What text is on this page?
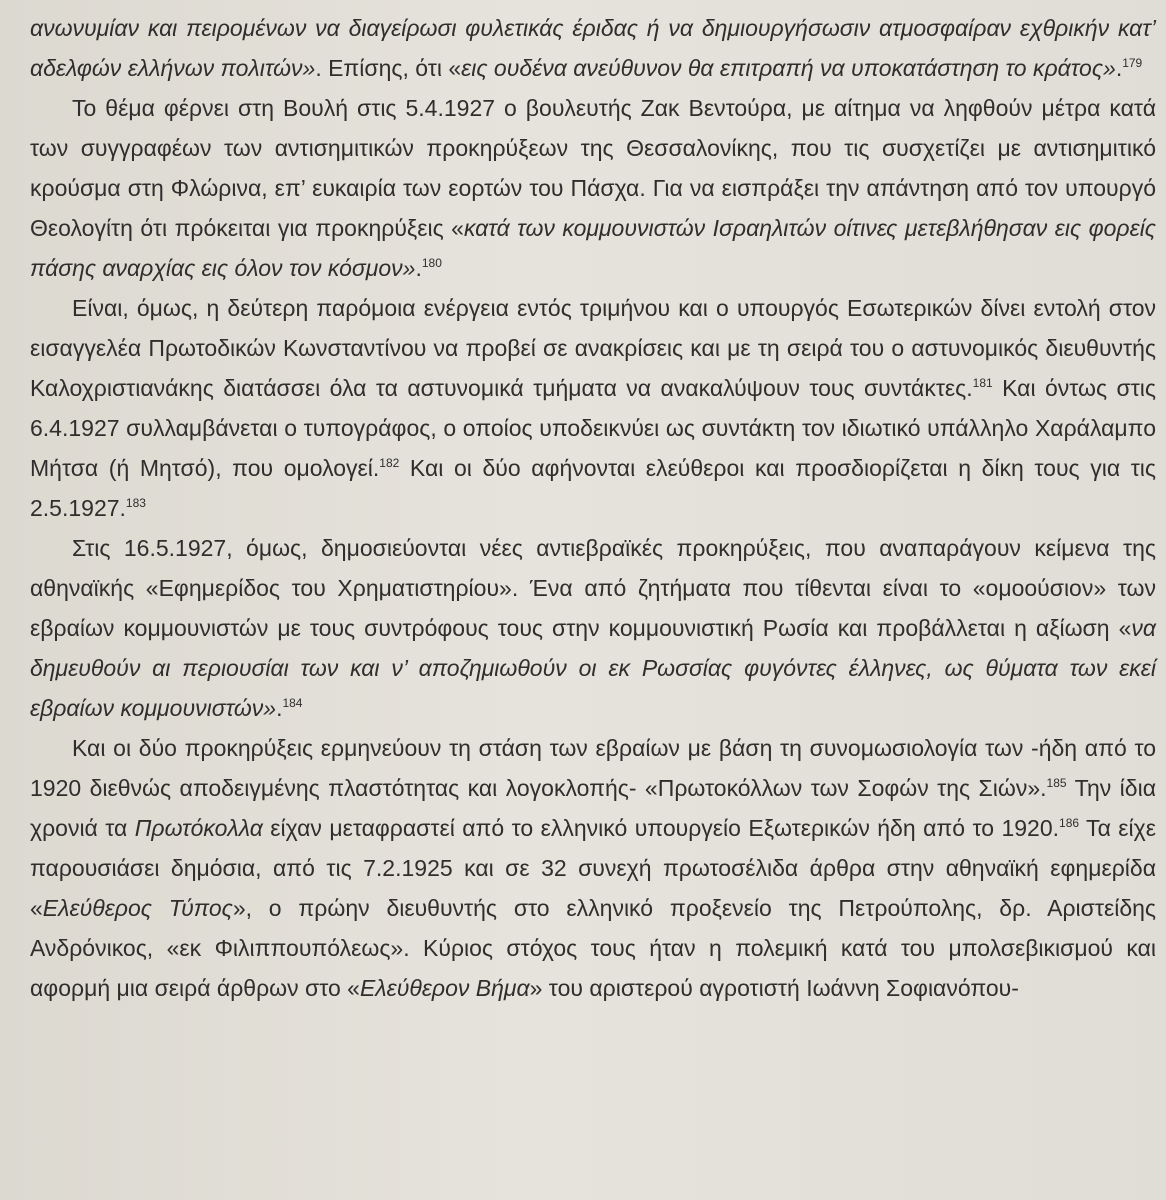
ανωνυμίαν και πειρομένων να διαγείρωσι φυλετικάς έριδας ή να δημιουργήσωσιν ατμοσφαίραν εχθρικήν κατ’ αδελφών ελλήνων πολιτών». Επίσης, ότι «εις ουδένα ανεύθυνον θα επιτραπή να υποκατάστηση το κράτος».$^{179}$

Το θέμα φέρνει στη Βουλή στις 5.4.1927 ο βουλευτής Ζακ Βεντούρα, με αίτημα να ληφθούν μέτρα κατά των συγγραφέων των αντισημιτικών προκηρύξεων της Θεσσαλονίκης, που τις συσχετίζει με αντισημιτικό κρούσμα στη Φλώρινα, επ’ ευκαιρία των εορτών του Πάσχα. Για να εισπράξει την απάντηση από τον υπουργό Θεολογίτη ότι πρόκειται για προκηρύξεις «κατά των κομμουνιστών Ισραηλιτών οίτινες μετεβλήθησαν εις φορείς πάσης αναρχίας εις όλον τον κόσμον».$^{180}$

Είναι, όμως, η δεύτερη παρόμοια ενέργεια εντός τριμήνου και ο υπουργός Εσωτερικών δίνει εντολή στον εισαγγελέα Πρωτοδικών Κωνσταντίνου να προβεί σε ανακρίσεις και με τη σειρά του ο αστυνομικός διευθυντής Καλοχριστιανάκης διατάσσει όλα τα αστυνομικά τμήματα να ανακαλύψουν τους συντάκτες.$^{181}$ Και όντως στις 6.4.1927 συλλαμβάνεται ο τυπογράφος, ο οποίος υποδεικνύει ως συντάκτη τον ιδιωτικό υπάλληλο Χαράλαμπο Μήτσα (ή Μητσό), που ομολογεί.$^{182}$ Και οι δύο αφήνονται ελεύθεροι και προσδιορίζεται η δίκη τους για τις 2.5.1927.$^{183}$

Στις 16.5.1927, όμως, δημοσιεύονται νέες αντιεβραϊκές προκηρύξεις, που αναπαράγουν κείμενα της αθηναϊκής «Εφημερίδος του Χρηματιστηρίου». Ένα από ζητήματα που τίθενται είναι το «ομοούσιον» των εβραίων κομμουνιστών με τους συντρόφους τους στην κομμουνιστική Ρωσία και προβάλλεται η αξίωση «να δημευθούν αι περιουσίαι των και ν’ αποζημιωθούν οι εκ Ρωσσίας φυγόντες έλληνες, ως θύματα των εκεί εβραίων κομμουνιστών».$^{184}$

Και οι δύο προκηρύξεις ερμηνεύουν τη στάση των εβραίων με βάση τη συνομωσιολογία των -ήδη από το 1920 διεθνώς αποδειγμένης πλαστότητας και λογοκλοπής- «Πρωτοκόλλων των Σοφών της Σιών».$^{185}$ Την ίδια χρονιά τα Πρωτόκολλα είχαν μεταφραστεί από το ελληνικό υπουργείο Εξωτερικών ήδη από το 1920.$^{186}$ Τα είχε παρουσιάσει δημόσια, από τις 7.2.1925 και σε 32 συνεχή πρωτοσέλιδα άρθρα στην αθηναϊκή εφημερίδα «Ελεύθερος Τύπος», ο πρώην διευθυντής στο ελληνικό προξενείο της Πετρούπολης, δρ. Αριστείδης Ανδρόνικος, «εκ Φιλιππουπόλεως». Κύριος στόχος τους ήταν η πολεμική κατά του μπολσεβικισμού και αφορμή μια σειρά άρθρων στο «Ελεύθερον Βήμα» του αριστερού αγροτιστή Ιωάννη Σοφιανόπου-
